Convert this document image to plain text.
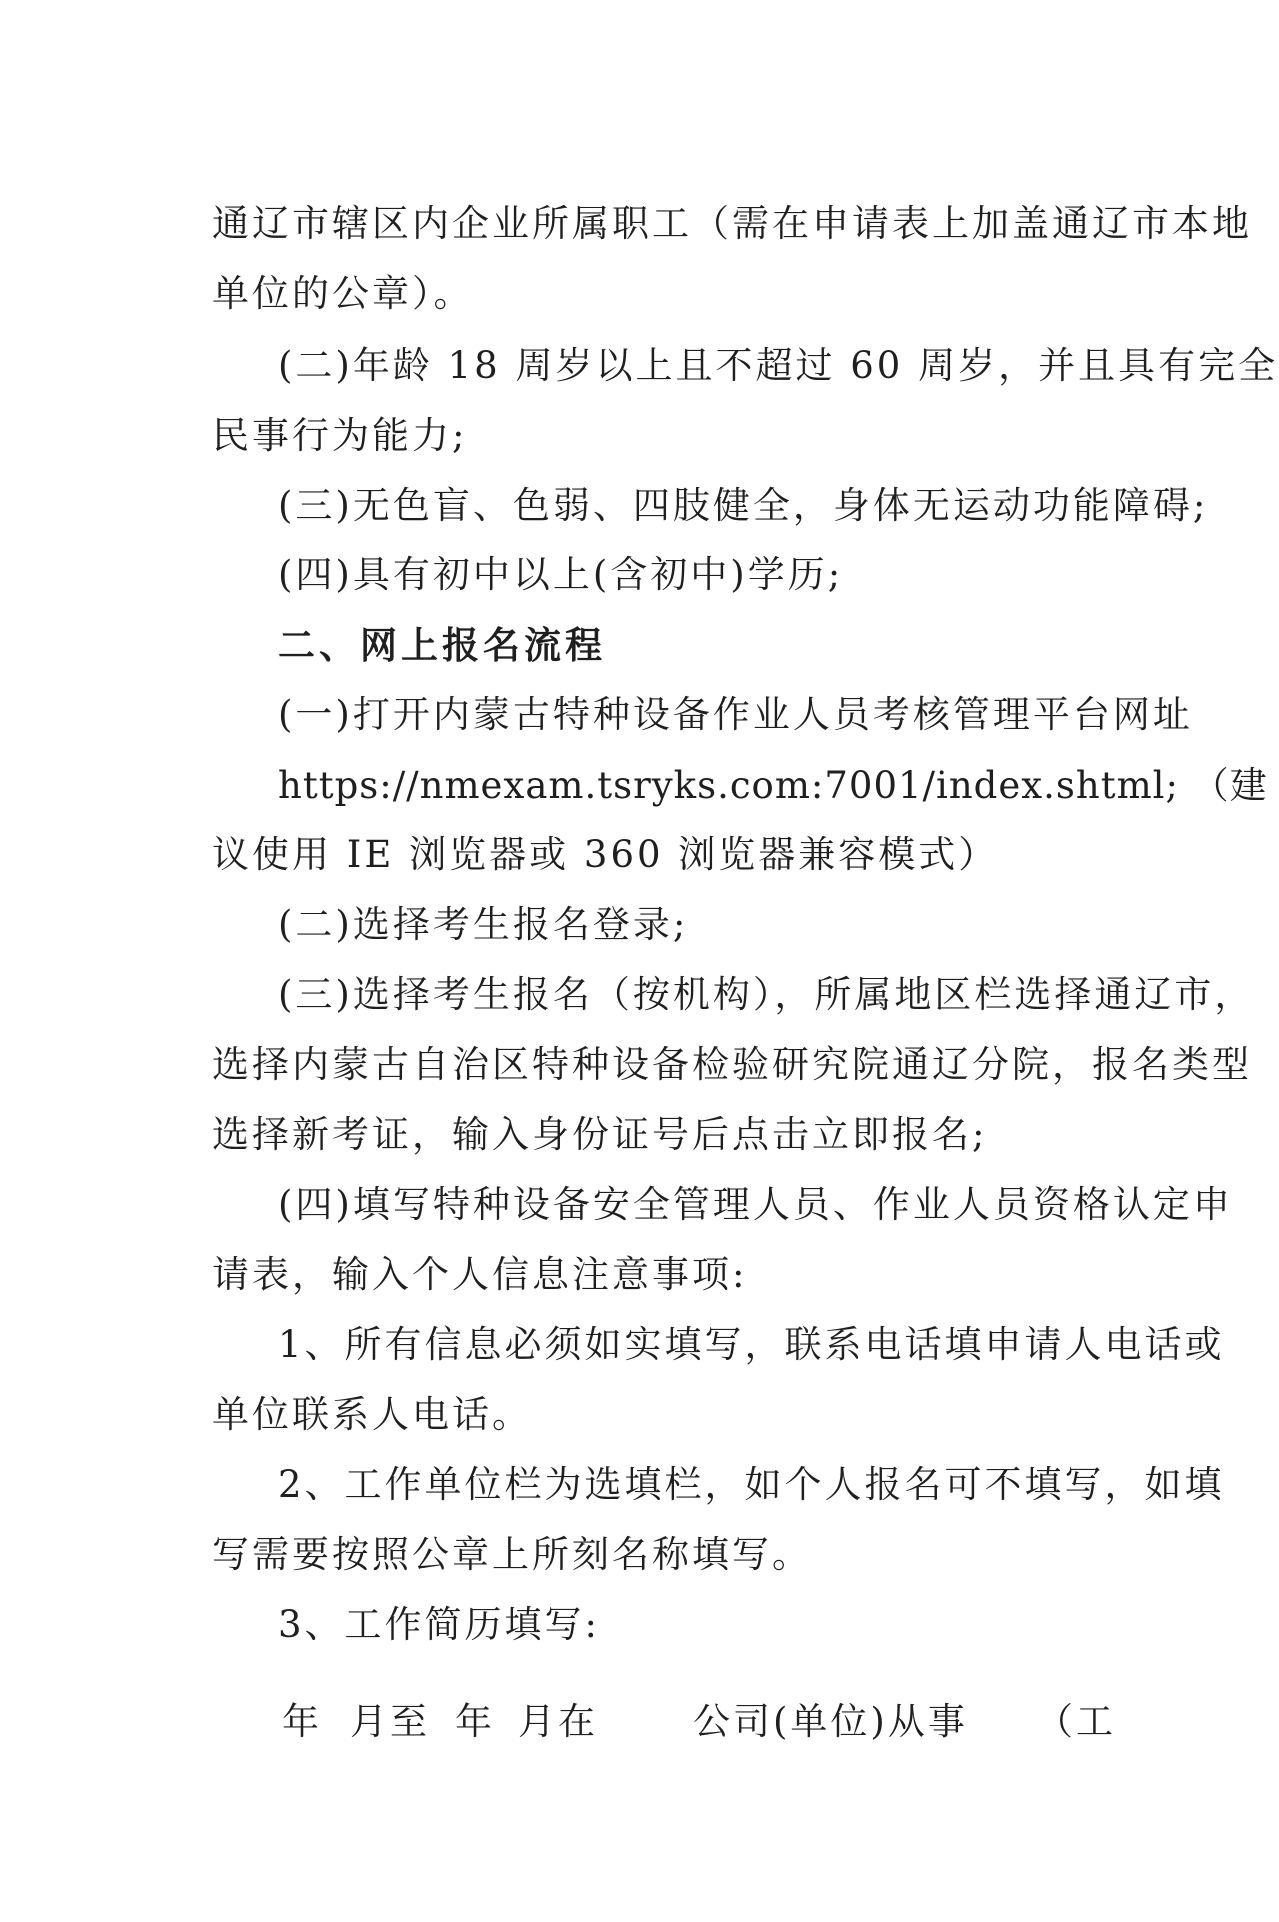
通辽市辖区内企业所属职工（需在申请表上加盖通辽市本地
单位的公章）。
(二)年龄 18 周岁以上且不超过 60 周岁，并且具有完全
民事行为能力;
(三)无色盲、色弱、四肢健全，身体无运动功能障碍;
(四)具有初中以上(含初中)学历;
二、网上报名流程
(一)打开内蒙古特种设备作业人员考核管理平台网址
https://nmexam.tsryks.com:7001/index.shtml; （建
议使用 IE 浏览器或 360 浏览器兼容模式）
(二)选择考生报名登录;
(三)选择考生报名（按机构），所属地区栏选择通辽市，
选择内蒙古自治区特种设备检验研究院通辽分院，报名类型
选择新考证，输入身份证号后点击立即报名;
(四)填写特种设备安全管理人员、作业人员资格认定申
请表，输入个人信息注意事项:
1、所有信息必须如实填写，联系电话填申请人电话或
单位联系人电话。
2、工作单位栏为选填栏，如个人报名可不填写，如填
写需要按照公章上所刻名称填写。
3、工作简历填写:
年 月至 年 月在	公司(单位)从事 （工
